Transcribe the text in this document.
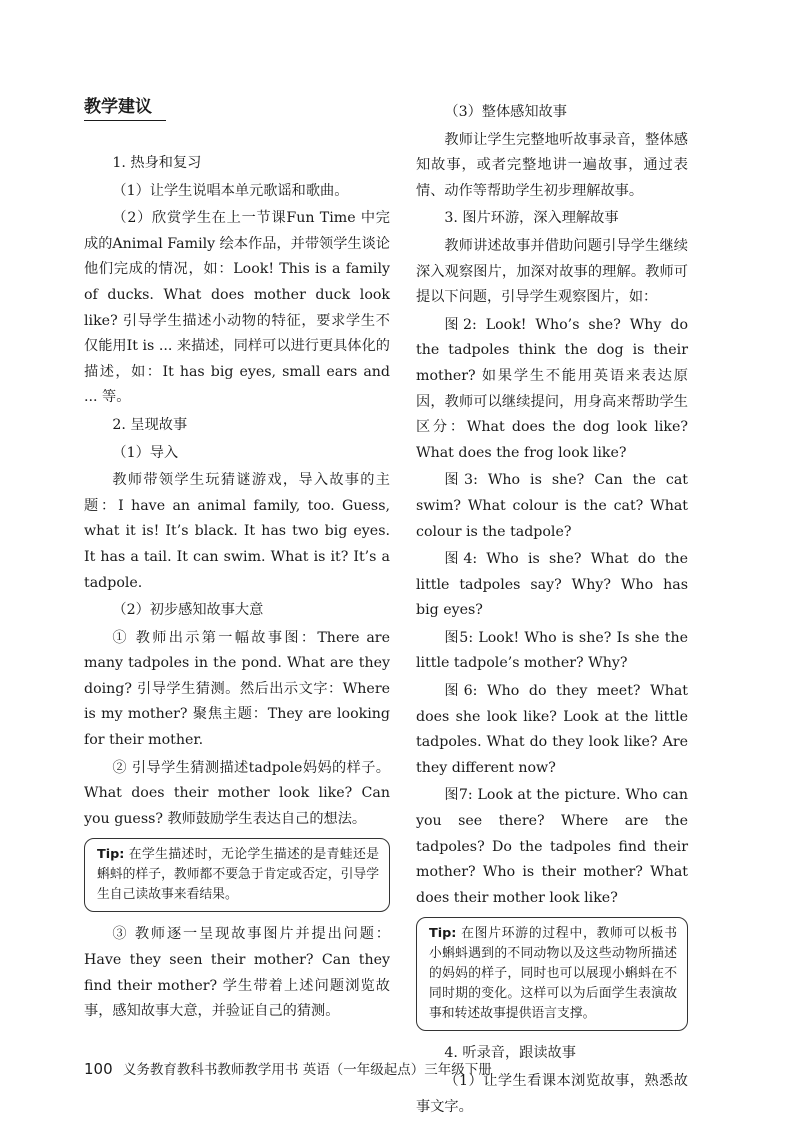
教学建议

1. 热身和复习

（1）让学生说唱本单元歌谣和歌曲。

（2）欣赏学生在上一节课Fun Time 中完成的Animal Family 绘本作品，并带领学生谈论他们完成的情况，如：Look! This is a family of ducks. What does mother duck look like? 引导学生描述小动物的特征，要求学生不仅能用It is ... 来描述，同样可以进行更具体化的描述，如：It has big eyes, small ears and ... 等。

2. 呈现故事

（1）导入

教师带领学生玩猜谜游戏，导入故事的主题：I have an animal family, too. Guess, what it is! It’s black. It has two big eyes. It has a tail. It can swim. What is it? It’s a tadpole.

（2）初步感知故事大意

① 教师出示第一幅故事图：There are many tadpoles in the pond. What are they doing? 引导学生猜测。然后出示文字：Where is my mother? 聚焦主题：They are looking for their mother.

② 引导学生猜测描述tadpole妈妈的样子。What does their mother look like? Can you guess? 教师鼓励学生表达自己的想法。

Tip: 在学生描述时，无论学生描述的是青蛙还是蝌蚪的样子，教师都不要急于肯定或否定，引导学生自己读故事来看结果。

③ 教师逐一呈现故事图片并提出问题：Have they seen their mother? Can they find their mother? 学生带着上述问题浏览故事，感知故事大意，并验证自己的猜测。

（3）整体感知故事

教师让学生完整地听故事录音，整体感知故事，或者完整地讲一遍故事，通过表情、动作等帮助学生初步理解故事。

3. 图片环游，深入理解故事

教师讲述故事并借助问题引导学生继续深入观察图片，加深对故事的理解。教师可提以下问题，引导学生观察图片，如：

图2: Look! Who’s she? Why do the tadpoles think the dog is their mother? 如果学生不能用英语来表达原因，教师可以继续提问，用身高来帮助学生区分：What does the dog look like? What does the frog look like?

图3: Who is she? Can the cat swim? What colour is the cat? What colour is the tadpole?

图4: Who is she? What do the little tadpoles say? Why? Who has big eyes?

图5: Look! Who is she? Is she the little tadpole’s mother? Why?

图6: Who do they meet? What does she look like? Look at the little tadpoles. What do they look like? Are they different now?

图7: Look at the picture. Who can you see there? Where are the tadpoles? Do the tadpoles find their mother? Who is their mother? What does their mother look like?

Tip: 在图片环游的过程中，教师可以板书小蝌蚪遇到的不同动物以及这些动物所描述的妈妈的样子，同时也可以展现小蝌蚪在不同时期的变化。这样可以为后面学生表演故事和转述故事提供语言支撑。

4. 听录音，跟读故事

（1）让学生看课本浏览故事，熟悉故事文字。

100 义务教育教科书教师教学用书 英语（一年级起点）三年级下册
